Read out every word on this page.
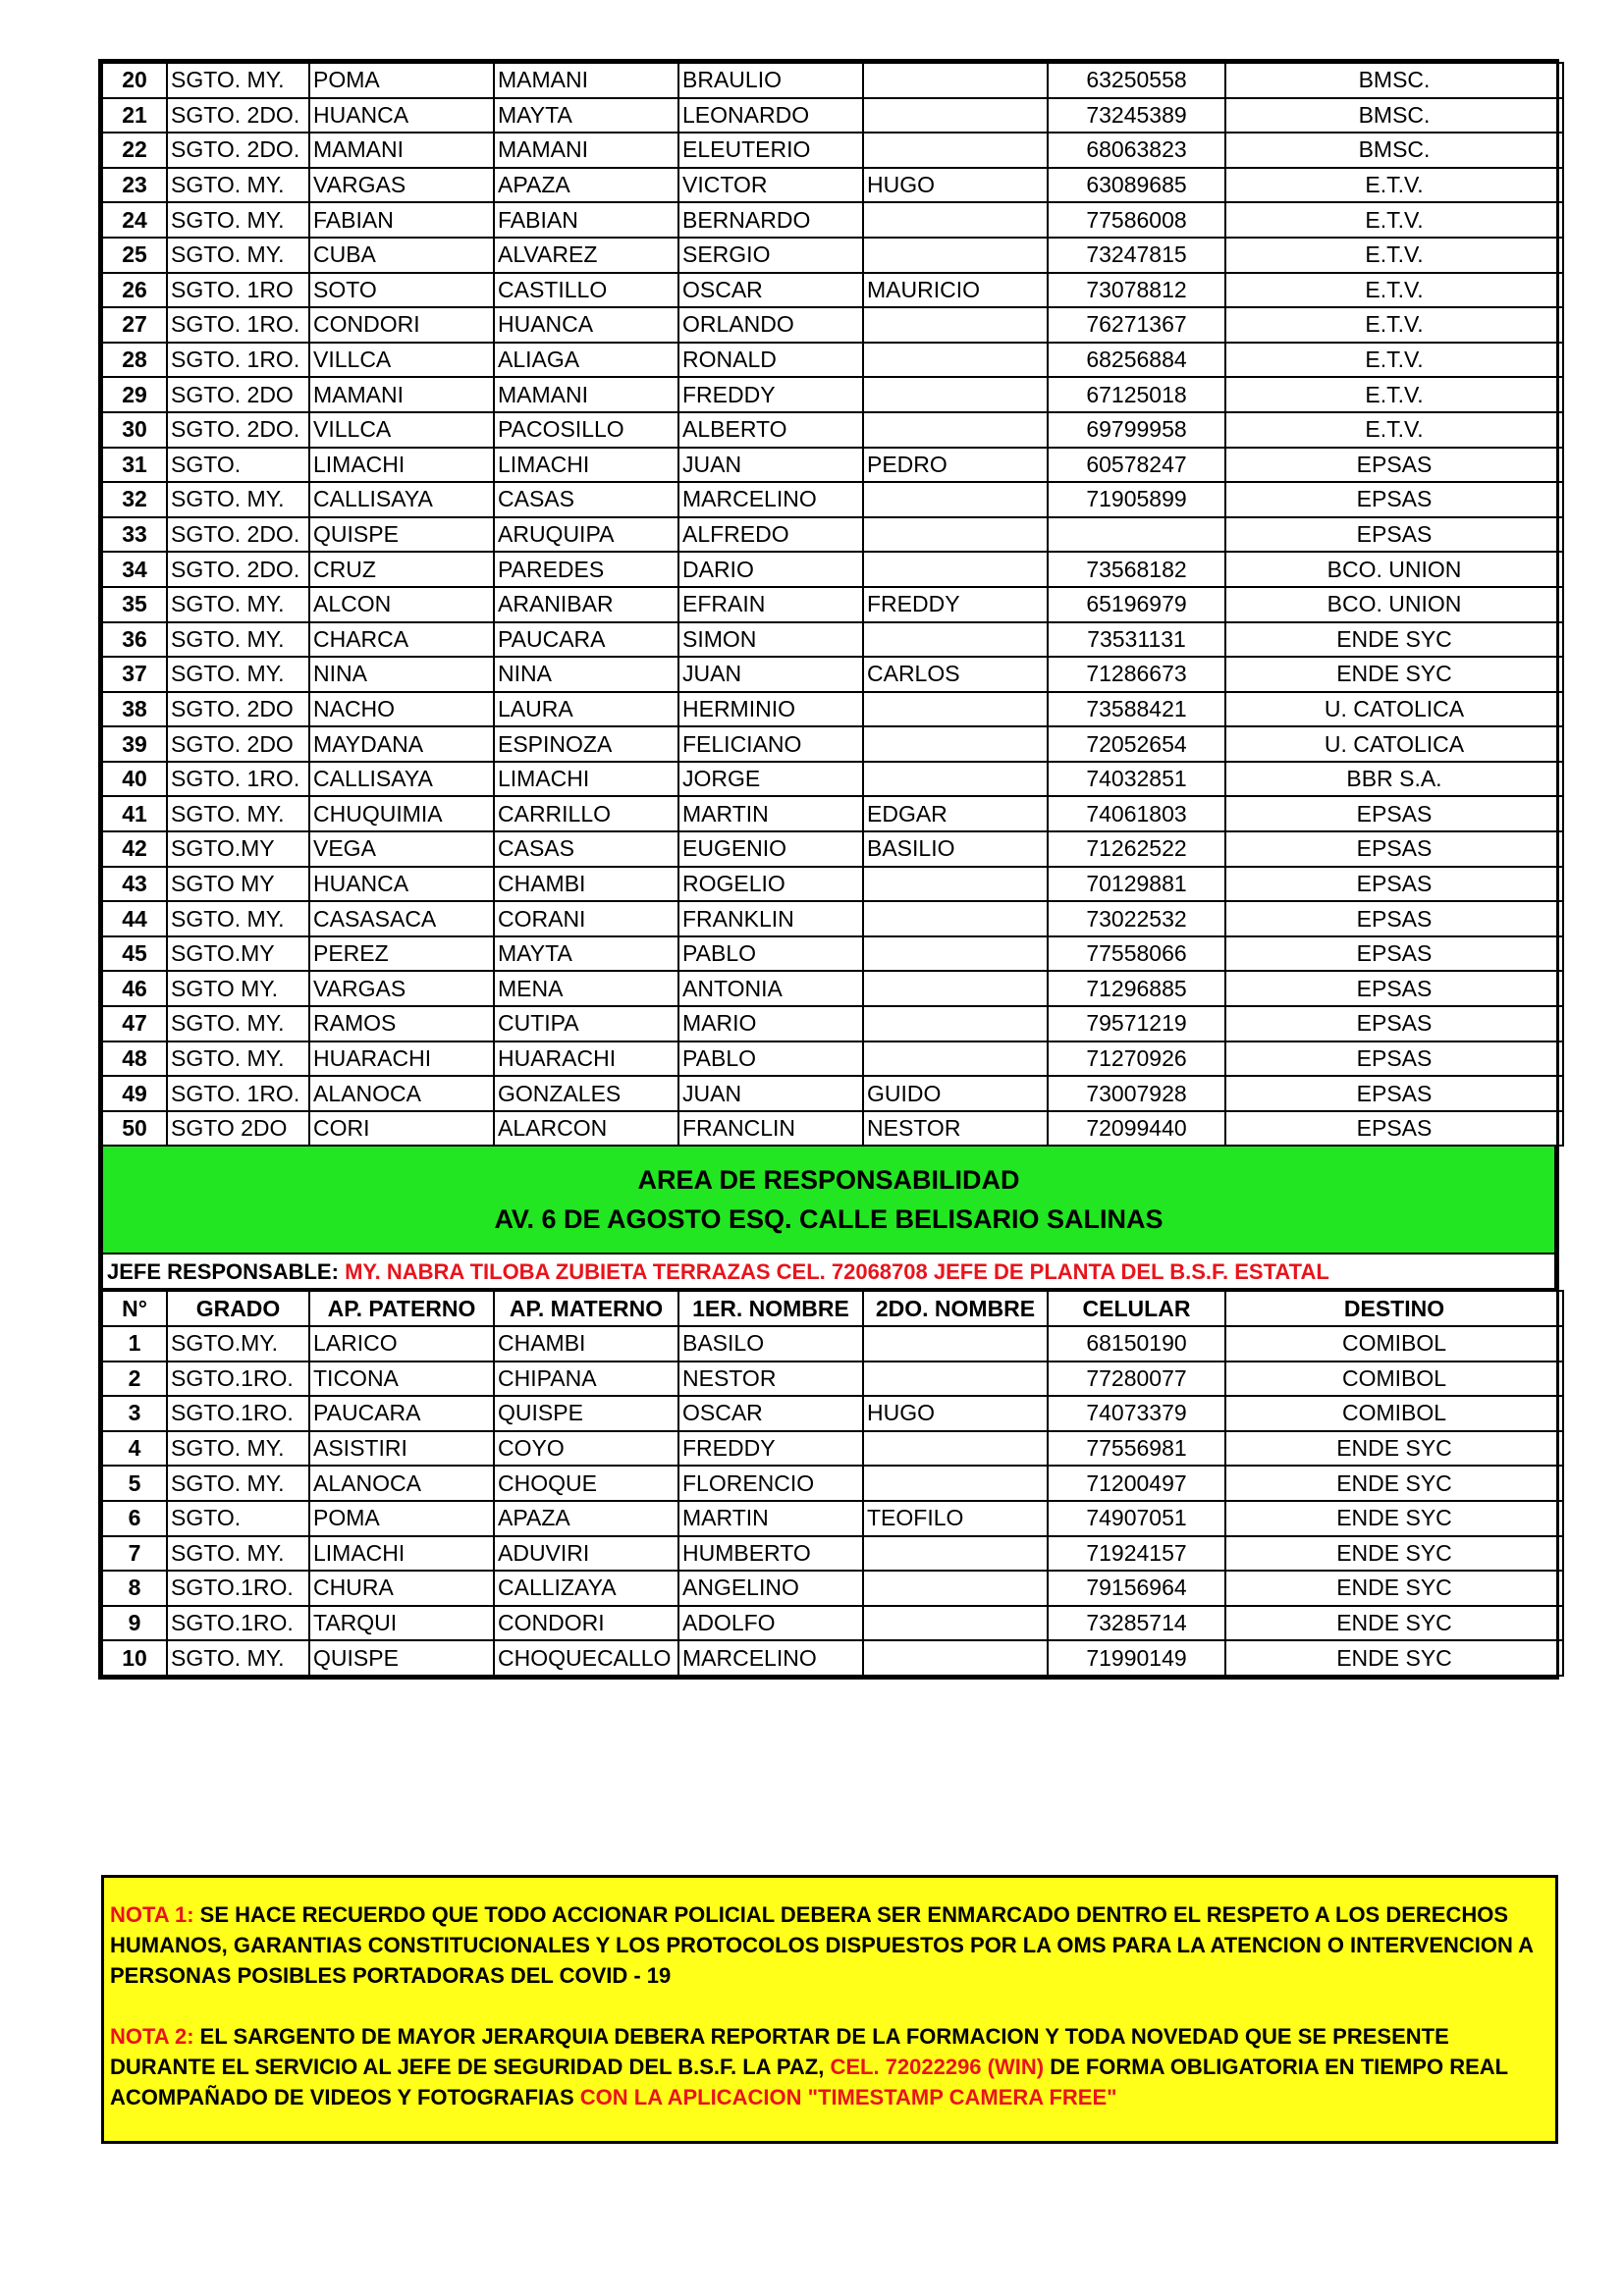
20	SGTO. MY.	POMA	MAMANI	BRAULIO		63250558	BMSC.
21	SGTO. 2DO.	HUANCA	MAYTA	LEONARDO		73245389	BMSC.
22	SGTO. 2DO.	MAMANI	MAMANI	ELEUTERIO		68063823	BMSC.
23	SGTO. MY.	VARGAS	APAZA	VICTOR	HUGO	63089685	E.T.V.
24	SGTO. MY.	FABIAN	FABIAN	BERNARDO		77586008	E.T.V.
25	SGTO. MY.	CUBA	ALVAREZ	SERGIO		73247815	E.T.V.
26	SGTO. 1RO	SOTO	CASTILLO	OSCAR	MAURICIO	73078812	E.T.V.
27	SGTO. 1RO.	CONDORI	HUANCA	ORLANDO		76271367	E.T.V.
28	SGTO. 1RO.	VILLCA	ALIAGA	RONALD		68256884	E.T.V.
29	SGTO. 2DO	MAMANI	MAMANI	FREDDY		67125018	E.T.V.
30	SGTO. 2DO.	VILLCA	PACOSILLO	ALBERTO		69799958	E.T.V.
31	SGTO.	LIMACHI	LIMACHI	JUAN	PEDRO	60578247	EPSAS
32	SGTO. MY.	CALLISAYA	CASAS	MARCELINO		71905899	EPSAS
33	SGTO. 2DO.	QUISPE	ARUQUIPA	ALFREDO			EPSAS
34	SGTO. 2DO.	CRUZ	PAREDES	DARIO		73568182	BCO. UNION
35	SGTO. MY.	ALCON	ARANIBAR	EFRAIN	FREDDY	65196979	BCO. UNION
36	SGTO. MY.	CHARCA	PAUCARA	SIMON		73531131	ENDE SYC
37	SGTO. MY.	NINA	NINA	JUAN	CARLOS	71286673	ENDE SYC
38	SGTO. 2DO	NACHO	LAURA	HERMINIO		73588421	U. CATOLICA
39	SGTO. 2DO	MAYDANA	ESPINOZA	FELICIANO		72052654	U. CATOLICA
40	SGTO. 1RO.	CALLISAYA	LIMACHI	JORGE		74032851	BBR S.A.
41	SGTO. MY.	CHUQUIMIA	CARRILLO	MARTIN	EDGAR	74061803	EPSAS
42	SGTO.MY	VEGA	CASAS	EUGENIO	BASILIO	71262522	EPSAS
43	SGTO MY	HUANCA	CHAMBI	ROGELIO		70129881	EPSAS
44	SGTO. MY.	CASASACA	CORANI	FRANKLIN		73022532	EPSAS
45	SGTO.MY	PEREZ	MAYTA	PABLO		77558066	EPSAS
46	SGTO MY.	VARGAS	MENA	ANTONIA		71296885	EPSAS
47	SGTO. MY.	RAMOS	CUTIPA	MARIO		79571219	EPSAS
48	SGTO. MY.	HUARACHI	HUARACHI	PABLO		71270926	EPSAS
49	SGTO. 1RO.	ALANOCA	GONZALES	JUAN	GUIDO	73007928	EPSAS
50	SGTO 2DO	CORI	ALARCON	FRANCLIN	NESTOR	72099440	EPSAS
AREA DE RESPONSABILIDAD
AV. 6 DE AGOSTO ESQ. CALLE BELISARIO SALINAS
JEFE RESPONSABLE: MY. NABRA TILOBA ZUBIETA TERRAZAS CEL. 72068708 JEFE DE PLANTA DEL B.S.F. ESTATAL
N°	GRADO	AP. PATERNO	AP. MATERNO	1ER. NOMBRE	2DO. NOMBRE	CELULAR	DESTINO
1	SGTO.MY.	LARICO	CHAMBI	BASILO		68150190	COMIBOL
2	SGTO.1RO.	TICONA	CHIPANA	NESTOR		77280077	COMIBOL
3	SGTO.1RO.	PAUCARA	QUISPE	OSCAR	HUGO	74073379	COMIBOL
4	SGTO. MY.	ASISTIRI	COYO	FREDDY		77556981	ENDE SYC
5	SGTO. MY.	ALANOCA	CHOQUE	FLORENCIO		71200497	ENDE SYC
6	SGTO.	POMA	APAZA	MARTIN	TEOFILO	74907051	ENDE SYC
7	SGTO. MY.	LIMACHI	ADUVIRI	HUMBERTO		71924157	ENDE SYC
8	SGTO.1RO.	CHURA	CALLIZAYA	ANGELINO		79156964	ENDE SYC
9	SGTO.1RO.	TARQUI	CONDORI	ADOLFO		73285714	ENDE SYC
10	SGTO. MY.	QUISPE	CHOQUECALLO	MARCELINO		71990149	ENDE SYC

NOTA 1: SE HACE RECUERDO QUE TODO ACCIONAR POLICIAL DEBERA SER ENMARCADO DENTRO EL RESPETO A LOS DERECHOS HUMANOS, GARANTIAS CONSTITUCIONALES Y LOS PROTOCOLOS DISPUESTOS POR LA OMS PARA LA ATENCION O INTERVENCION A PERSONAS POSIBLES PORTADORAS DEL COVID - 19

NOTA 2: EL SARGENTO DE MAYOR JERARQUIA DEBERA REPORTAR DE LA FORMACION Y TODA NOVEDAD QUE SE PRESENTE DURANTE EL SERVICIO AL JEFE DE SEGURIDAD DEL B.S.F. LA PAZ, CEL. 72022296 (WIN) DE FORMA OBLIGATORIA EN TIEMPO REAL ACOMPAÑADO DE VIDEOS Y FOTOGRAFIAS CON LA APLICACION "TIMESTAMP CAMERA FREE"
